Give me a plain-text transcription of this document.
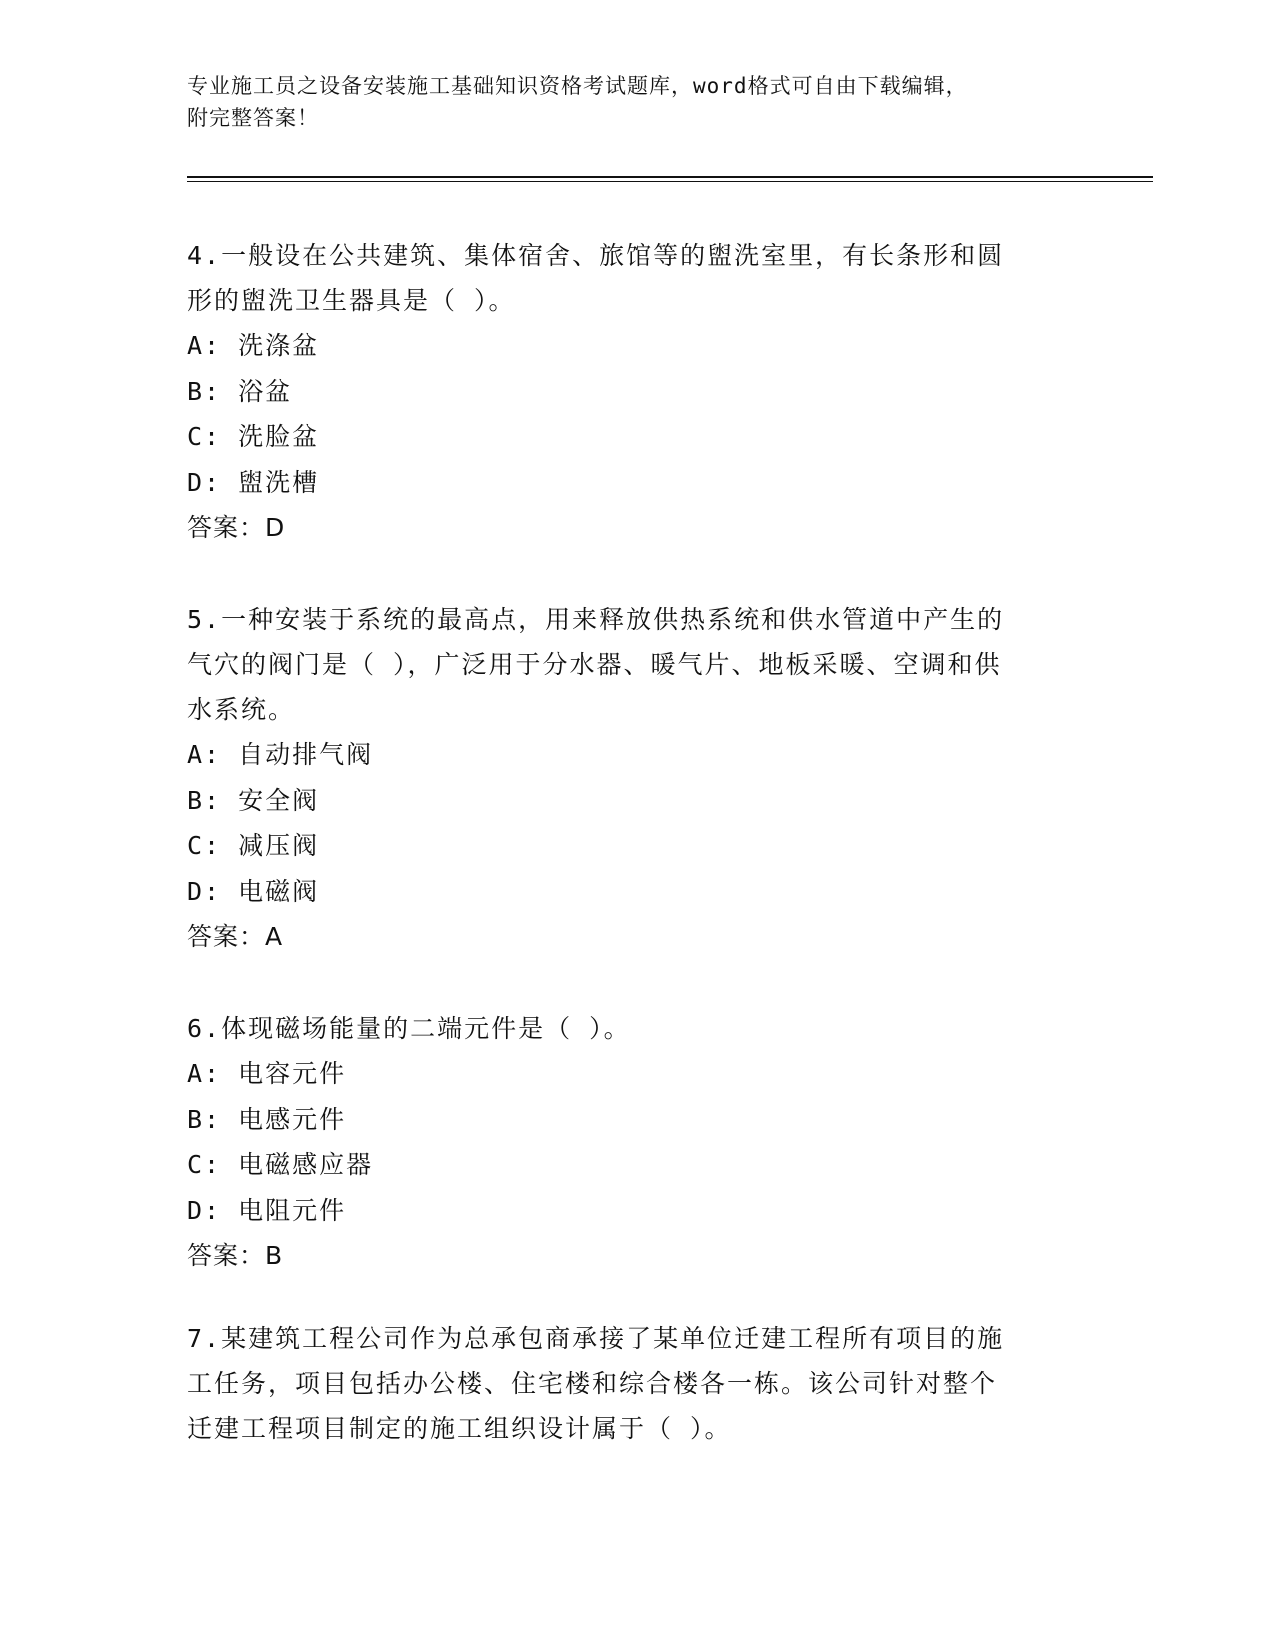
专业施工员之设备安装施工基础知识资格考试题库，word格式可自由下载编辑，
附完整答案！
4.一般设在公共建筑、集体宿舍、旅馆等的盥洗室里，有长条形和圆
形的盥洗卫生器具是（ ）。
A: 洗涤盆
B: 浴盆
C: 洗脸盆
D: 盥洗槽
答案：D
5.一种安装于系统的最高点，用来释放供热系统和供水管道中产生的
气穴的阀门是（ ），广泛用于分水器、暖气片、地板采暖、空调和供
水系统。
A: 自动排气阀
B: 安全阀
C: 减压阀
D: 电磁阀
答案：A
6.体现磁场能量的二端元件是（ ）。
A: 电容元件
B: 电感元件
C: 电磁感应器
D: 电阻元件
答案：B
7.某建筑工程公司作为总承包商承接了某单位迁建工程所有项目的施
工任务，项目包括办公楼、住宅楼和综合楼各一栋。该公司针对整个
迁建工程项目制定的施工组织设计属于（ ）。
